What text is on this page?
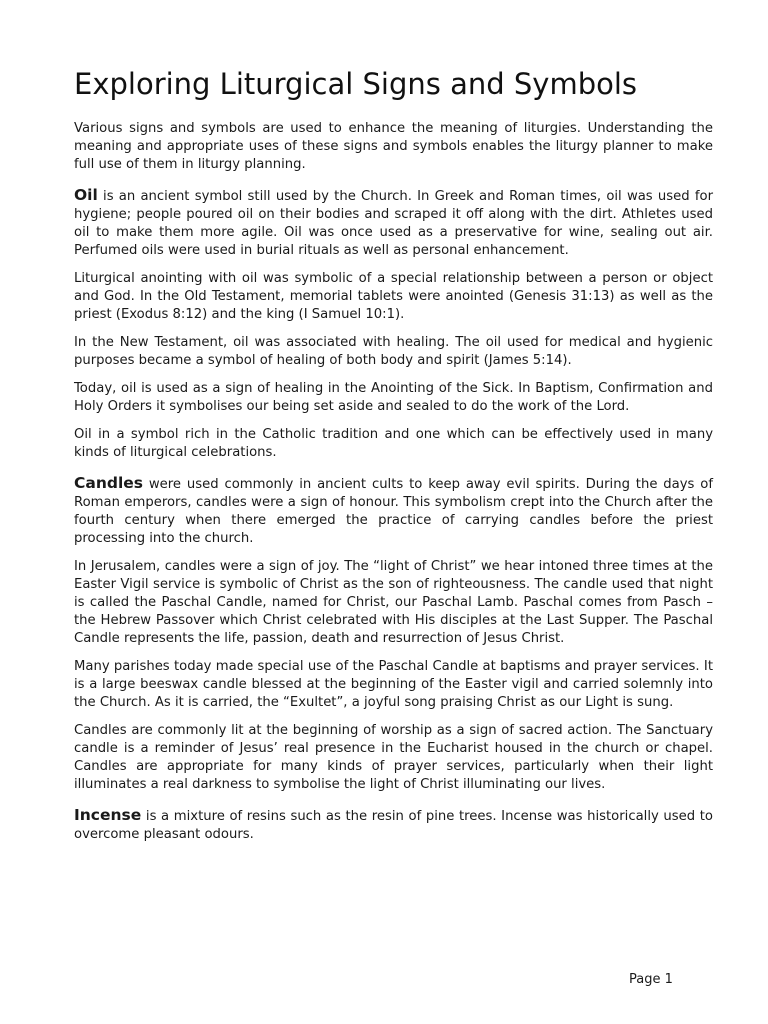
Exploring Liturgical Signs and Symbols

Various signs and symbols are used to enhance the meaning of liturgies. Understanding the meaning and appropriate uses of these signs and symbols enables the liturgy planner to make full use of them in liturgy planning.

Oil is an ancient symbol still used by the Church. In Greek and Roman times, oil was used for hygiene; people poured oil on their bodies and scraped it off along with the dirt. Athletes used oil to make them more agile. Oil was once used as a preservative for wine, sealing out air. Perfumed oils were used in burial rituals as well as personal enhancement.

Liturgical anointing with oil was symbolic of a special relationship between a person or object and God. In the Old Testament, memorial tablets were anointed (Genesis 31:13) as well as the priest (Exodus 8:12) and the king (I Samuel 10:1).

In the New Testament, oil was associated with healing. The oil used for medical and hygienic purposes became a symbol of healing of both body and spirit (James 5:14).

Today, oil is used as a sign of healing in the Anointing of the Sick. In Baptism, Confirmation and Holy Orders it symbolises our being set aside and sealed to do the work of the Lord.

Oil in a symbol rich in the Catholic tradition and one which can be effectively used in many kinds of liturgical celebrations.

Candles were used commonly in ancient cults to keep away evil spirits. During the days of Roman emperors, candles were a sign of honour. This symbolism crept into the Church after the fourth century when there emerged the practice of carrying candles before the priest processing into the church.

In Jerusalem, candles were a sign of joy. The “light of Christ” we hear intoned three times at the Easter Vigil service is symbolic of Christ as the son of righteousness. The candle used that night is called the Paschal Candle, named for Christ, our Paschal Lamb. Paschal comes from Pasch – the Hebrew Passover which Christ celebrated with His disciples at the Last Supper. The Paschal Candle represents the life, passion, death and resurrection of Jesus Christ.

Many parishes today made special use of the Paschal Candle at baptisms and prayer services. It is a large beeswax candle blessed at the beginning of the Easter vigil and carried solemnly into the Church. As it is carried, the “Exultet”, a joyful song praising Christ as our Light is sung.

Candles are commonly lit at the beginning of worship as a sign of sacred action. The Sanctuary candle is a reminder of Jesus’ real presence in the Eucharist housed in the church or chapel. Candles are appropriate for many kinds of prayer services, particularly when their light illuminates a real darkness to symbolise the light of Christ illuminating our lives.

Incense is a mixture of resins such as the resin of pine trees. Incense was historically used to overcome pleasant odours.

Page 1
